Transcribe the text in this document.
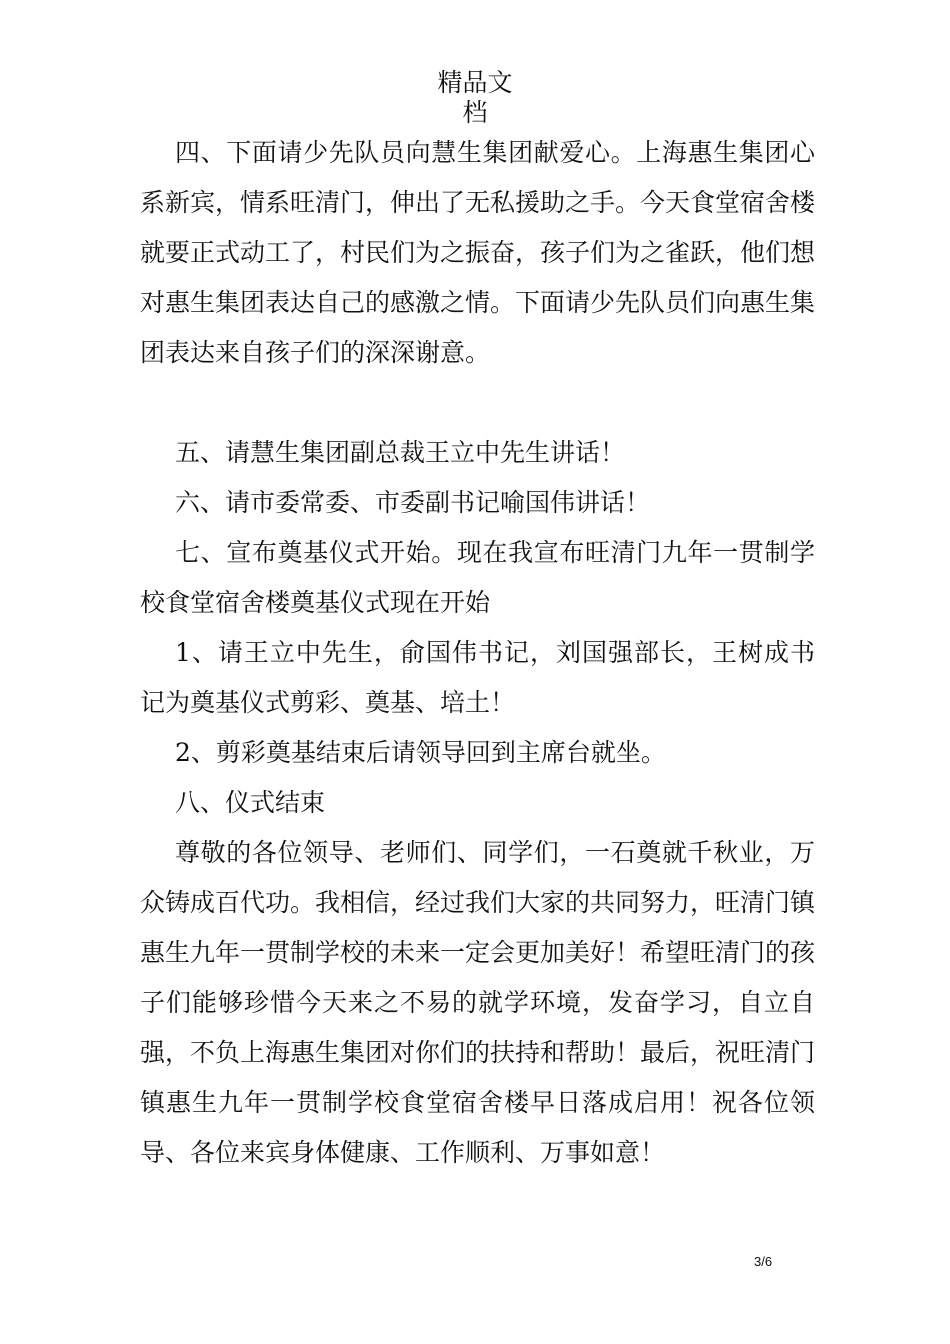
精品文
档

四、下面请少先队员向慧生集团献爱心。上海惠生集团心系新宾，情系旺清门，伸出了无私援助之手。今天食堂宿舍楼就要正式动工了，村民们为之振奋，孩子们为之雀跃，他们想对惠生集团表达自己的感激之情。下面请少先队员们向惠生集团表达来自孩子们的深深谢意。

五、请慧生集团副总裁王立中先生讲话！

六、请市委常委、市委副书记喻国伟讲话！

七、宣布奠基仪式开始。现在我宣布旺清门九年一贯制学校食堂宿舍楼奠基仪式现在开始

1、请王立中先生，俞国伟书记，刘国强部长，王树成书记为奠基仪式剪彩、奠基、培土！

2、剪彩奠基结束后请领导回到主席台就坐。

八、仪式结束

尊敬的各位领导、老师们、同学们，一石奠就千秋业，万众铸成百代功。我相信，经过我们大家的共同努力，旺清门镇惠生九年一贯制学校的未来一定会更加美好！希望旺清门的孩子们能够珍惜今天来之不易的就学环境，发奋学习，自立自强，不负上海惠生集团对你们的扶持和帮助！最后，祝旺清门镇惠生九年一贯制学校食堂宿舍楼早日落成启用！祝各位领导、各位来宾身体健康、工作顺利、万事如意！

3/6
